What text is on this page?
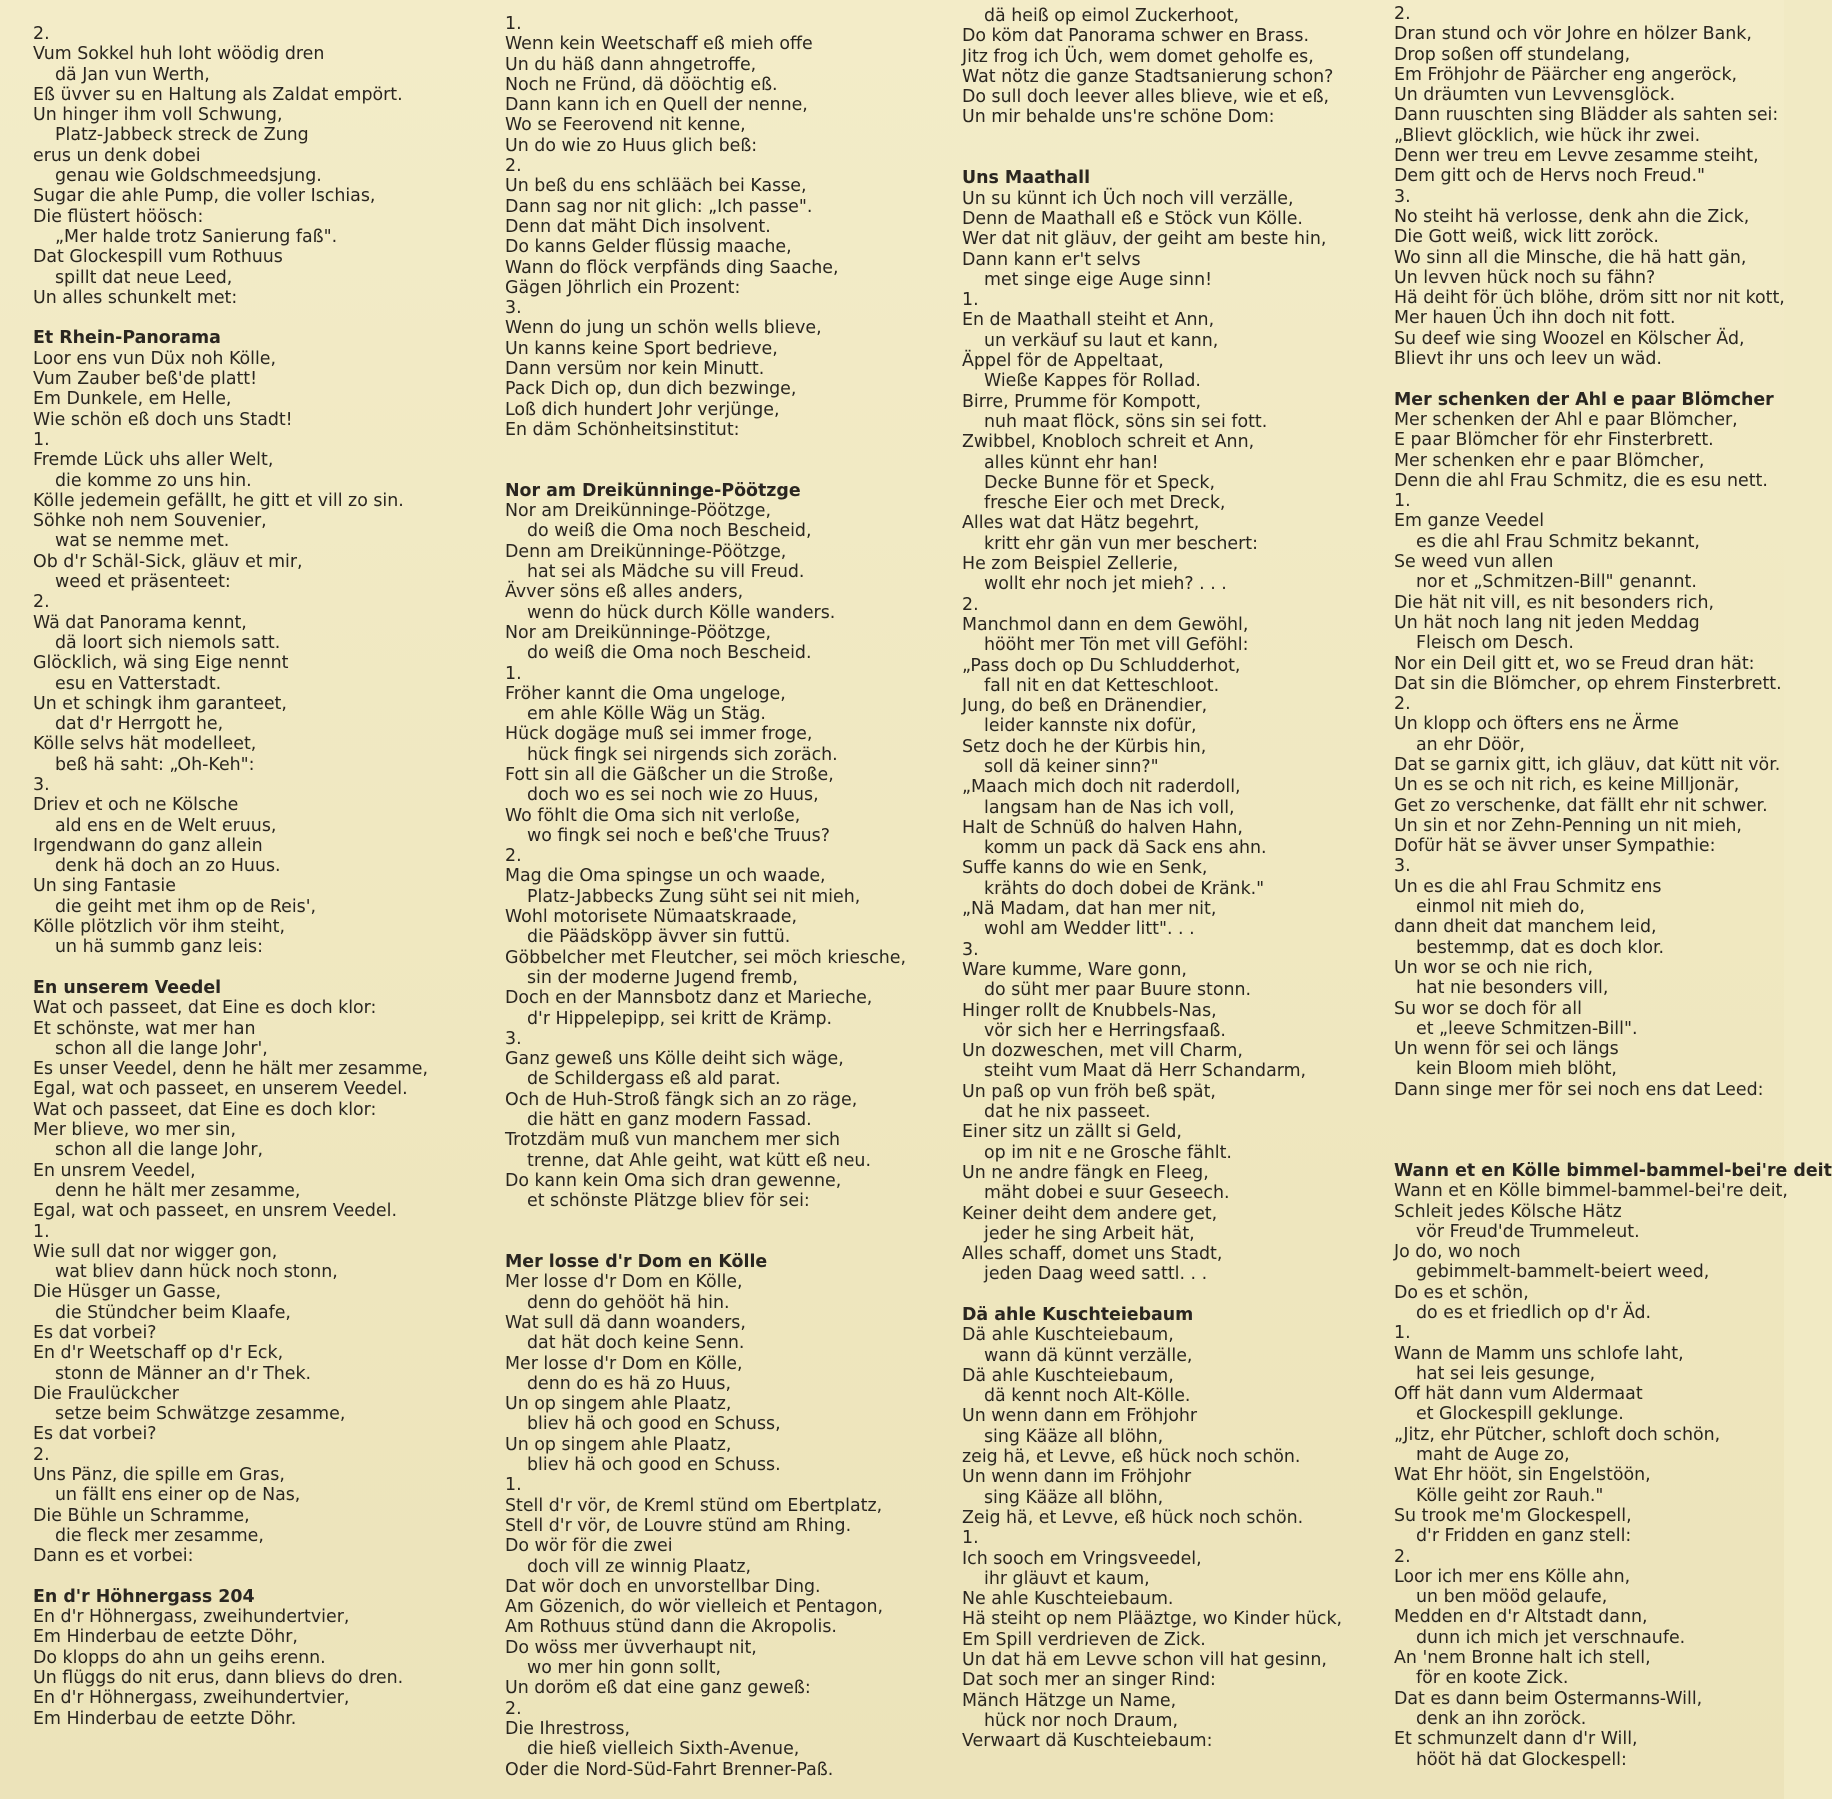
2.
Vum Sokkel huh loht wöödig dren
dä Jan vun Werth,
Eß üvver su en Haltung als Zaldat empört.
Un hinger ihm voll Schwung,
Platz-Jabbeck streck de Zung
erus un denk dobei
genau wie Goldschmeedsjung.
Sugar die ahle Pump, die voller Ischias,
Die flüstert höösch:
„Mer halde trotz Sanierung faß".
Dat Glockespill vum Rothuus
spillt dat neue Leed,
Un alles schunkelt met:

Et Rhein-Panorama
Loor ens vun Düx noh Kölle,
Vum Zauber beß'de platt!
Em Dunkele, em Helle,
Wie schön eß doch uns Stadt!
1.
Fremde Lück uhs aller Welt,
die komme zo uns hin.
Kölle jedemein gefällt, he gitt et vill zo sin.
Söhke noh nem Souvenier,
wat se nemme met.
Ob d'r Schäl-Sick, gläuv et mir,
weed et präsenteet:
2.
Wä dat Panorama kennt,
dä loort sich niemols satt.
Glöcklich, wä sing Eige nennt
esu en Vatterstadt.
Un et schingk ihm garanteet,
dat d'r Herrgott he,
Kölle selvs hät modelleet,
beß hä saht: „Oh-Keh":
3.
Driev et och ne Kölsche
ald ens en de Welt eruus,
Irgendwann do ganz allein
denk hä doch an zo Huus.
Un sing Fantasie
die geiht met ihm op de Reis',
Kölle plötzlich vör ihm steiht,
un hä summb ganz leis:

En unserem Veedel
Wat och passeet, dat Eine es doch klor:
Et schönste, wat mer han
schon all die lange Johr',
Es unser Veedel, denn he hält mer zesamme,
Egal, wat och passeet, en unserem Veedel.
Wat och passeet, dat Eine es doch klor:
Mer blieve, wo mer sin,
schon all die lange Johr,
En unsrem Veedel,
denn he hält mer zesamme,
Egal, wat och passeet, en unsrem Veedel.
1.
Wie sull dat nor wigger gon,
wat bliev dann hück noch stonn,
Die Hüsger un Gasse,
die Stündcher beim Klaafe,
Es dat vorbei?
En d'r Weetschaff op d'r Eck,
stonn de Männer an d'r Thek.
Die Fraulückcher
setze beim Schwätzge zesamme,
Es dat vorbei?
2.
Uns Pänz, die spille em Gras,
un fällt ens einer op de Nas,
Die Bühle un Schramme,
die fleck mer zesamme,
Dann es et vorbei:

En d'r Höhnergass 204
En d'r Höhnergass, zweihundertvier,
Em Hinderbau de eetzte Döhr,
Do klopps do ahn un geihs erenn.
Un flüggs do nit erus, dann blievs do dren.
En d'r Höhnergass, zweihundertvier,
Em Hinderbau de eetzte Döhr.
1.
Wenn kein Weetschaff eß mieh offe
Un du häß dann ahngetroffe,
Noch ne Fründ, dä dööchtig eß.
Dann kann ich en Quell der nenne,
Wo se Feerovend nit kenne,
Un do wie zo Huus glich beß:
2.
Un beß du ens schlääch bei Kasse,
Dann sag nor nit glich: „Ich passe".
Denn dat mäht Dich insolvent.
Do kanns Gelder flüssig maache,
Wann do flöck verpfänds ding Saache,
Gägen Jöhrlich ein Prozent:
3.
Wenn do jung un schön wells blieve,
Un kanns keine Sport bedrieve,
Dann versüm nor kein Minutt.
Pack Dich op, dun dich bezwinge,
Loß dich hundert Johr verjünge,
En däm Schönheitsinstitut:

Nor am Dreikünninge-Pöötzge
Nor am Dreikünninge-Pöötzge,
do weiß die Oma noch Bescheid,
Denn am Dreikünninge-Pöötzge,
hat sei als Mädche su vill Freud.
Ävver söns eß alles anders,
wenn do hück durch Kölle wanders.
Nor am Dreikünninge-Pöötzge,
do weiß die Oma noch Bescheid.
1.
Fröher kannt die Oma ungeloge,
em ahle Kölle Wäg un Stäg.
Hück dogäge muß sei immer froge,
hück fingk sei nirgends sich zoräch.
Fott sin all die Gäßcher un die Stroße,
doch wo es sei noch wie zo Huus,
Wo föhlt die Oma sich nit verloße,
wo fingk sei noch e beß'che Truus?
2.
Mag die Oma spingse un och waade,
Platz-Jabbecks Zung süht sei nit mieh,
Wohl motorisete Nümaatskraade,
die Päädsköpp ävver sin futtü.
Göbbelcher met Fleutcher, sei möch kriesche,
sin der moderne Jugend fremb,
Doch en der Mannsbotz danz et Marieche,
d'r Hippelepipp, sei kritt de Krämp.
3.
Ganz geweß uns Kölle deiht sich wäge,
de Schildergass eß ald parat.
Och de Huh-Stroß fängk sich an zo räge,
die hätt en ganz modern Fassad.
Trotzdäm muß vun manchem mer sich
trenne, dat Ahle geiht, wat kütt eß neu.
Do kann kein Oma sich dran gewenne,
et schönste Plätzge bliev för sei:

Mer losse d'r Dom en Kölle
Mer losse d'r Dom en Kölle,
denn do gehööt hä hin.
Wat sull dä dann woanders,
dat hät doch keine Senn.
Mer losse d'r Dom en Kölle,
denn do es hä zo Huus,
Un op singem ahle Plaatz,
bliev hä och good en Schuss,
Un op singem ahle Plaatz,
bliev hä och good en Schuss.
1.
Stell d'r vör, de Kreml stünd om Ebertplatz,
Stell d'r vör, de Louvre stünd am Rhing.
Do wör för die zwei
doch vill ze winnig Plaatz,
Dat wör doch en unvorstellbar Ding.
Am Gözenich, do wör vielleich et Pentagon,
Am Rothuus stünd dann die Akropolis.
Do wöss mer üvverhaupt nit,
wo mer hin gonn sollt,
Un doröm eß dat eine ganz geweß:
2.
Die Ihrestross,
die hieß vielleich Sixth-Avenue,
Oder die Nord-Süd-Fahrt Brenner-Paß.
dä heiß op eimol Zuckerhoot,
Do köm dat Panorama schwer en Brass.
Jitz frog ich Üch, wem domet geholfe es,
Wat nötz die ganze Stadtsanierung schon?
Do sull doch leever alles blieve, wie et eß,
Un mir behalde uns're schöne Dom:

Uns Maathall
Un su künnt ich Üch noch vill verzälle,
Denn de Maathall eß e Stöck vun Kölle.
Wer dat nit gläuv, der geiht am beste hin,
Dann kann er't selvs
met singe eige Auge sinn!
1.
En de Maathall steiht et Ann,
un verkäuf su laut et kann,
Äppel för de Appeltaat,
Wieße Kappes för Rollad.
Birre, Prumme för Kompott,
nuh maat flöck, söns sin sei fott.
Zwibbel, Knobloch schreit et Ann,
alles künnt ehr han!
Decke Bunne för et Speck,
fresche Eier och met Dreck,
Alles wat dat Hätz begehrt,
kritt ehr gän vun mer beschert:
He zom Beispiel Zellerie,
wollt ehr noch jet mieh? . . .
2.
Manchmol dann en dem Gewöhl,
hööht mer Tön met vill Geföhl:
„Pass doch op Du Schludderhot,
fall nit en dat Ketteschloot.
Jung, do beß en Dränendier,
leider kannste nix dofür,
Setz doch he der Kürbis hin,
soll dä keiner sinn?"
„Maach mich doch nit raderdoll,
langsam han de Nas ich voll,
Halt de Schnüß do halven Hahn,
komm un pack dä Sack ens ahn.
Suffe kanns do wie en Senk,
krähts do doch dobei de Kränk."
„Nä Madam, dat han mer nit,
wohl am Wedder litt". . .
3.
Ware kumme, Ware gonn,
do süht mer paar Buure stonn.
Hinger rollt de Knubbels-Nas,
vör sich her e Herringsfaaß.
Un dozweschen, met vill Charm,
steiht vum Maat dä Herr Schandarm,
Un paß op vun fröh beß spät,
dat he nix passeet.
Einer sitz un zällt si Geld,
op im nit e ne Grosche fählt.
Un ne andre fängk en Fleeg,
mäht dobei e suur Geseech.
Keiner deiht dem andere get,
jeder he sing Arbeit hät,
Alles schaff, domet uns Stadt,
jeden Daag weed sattl. . .

Dä ahle Kuschteiebaum
Dä ahle Kuschteiebaum,
wann dä künnt verzälle,
Dä ahle Kuschteiebaum,
dä kennt noch Alt-Kölle.
Un wenn dann em Fröhjohr
sing Kääze all blöhn,
zeig hä, et Levve, eß hück noch schön.
Un wenn dann im Fröhjohr
sing Kääze all blöhn,
Zeig hä, et Levve, eß hück noch schön.
1.
Ich sooch em Vringsveedel,
ihr gläuvt et kaum,
Ne ahle Kuschteiebaum.
Hä steiht op nem Plääztge, wo Kinder hück,
Em Spill verdrieven de Zick.
Un dat hä em Levve schon vill hat gesinn,
Dat soch mer an singer Rind:
Mänch Hätzge un Name,
hück nor noch Draum,
Verwaart dä Kuschteiebaum:
2.
Dran stund och vör Johre en hölzer Bank,
Drop soßen off stundelang,
Em Fröhjohr de Päärcher eng angeröck,
Un dräumten vun Levvensglöck.
Dann ruuschten sing Blädder als sahten sei:
„Blievt glöcklich, wie hück ihr zwei.
Denn wer treu em Levve zesamme steiht,
Dem gitt och de Hervs noch Freud."
3.
No steiht hä verlosse, denk ahn die Zick,
Die Gott weiß, wick litt zoröck.
Wo sinn all die Minsche, die hä hatt gän,
Un levven hück noch su fähn?
Hä deiht för üch blöhe, dröm sitt nor nit kott,
Mer hauen Üch ihn doch nit fott.
Su deef wie sing Woozel en Kölscher Äd,
Blievt ihr uns och leev un wäd.

Mer schenken der Ahl e paar Blömcher
Mer schenken der Ahl e paar Blömcher,
E paar Blömcher för ehr Finsterbrett.
Mer schenken ehr e paar Blömcher,
Denn die ahl Frau Schmitz, die es esu nett.
1.
Em ganze Veedel
es die ahl Frau Schmitz bekannt,
Se weed vun allen
nor et „Schmitzen-Bill" genannt.
Die hät nit vill, es nit besonders rich,
Un hät noch lang nit jeden Meddag
Fleisch om Desch.
Nor ein Deil gitt et, wo se Freud dran hät:
Dat sin die Blömcher, op ehrem Finsterbrett.
2.
Un klopp och öfters ens ne Ärme
an ehr Döör,
Dat se garnix gitt, ich gläuv, dat kütt nit vör.
Un es se och nit rich, es keine Milljonär,
Get zo verschenke, dat fällt ehr nit schwer.
Un sin et nor Zehn-Penning un nit mieh,
Dofür hät se ävver unser Sympathie:
3.
Un es die ahl Frau Schmitz ens
einmol nit mieh do,
dann dheit dat manchem leid,
bestemmp, dat es doch klor.
Un wor se och nie rich,
hat nie besonders vill,
Su wor se doch för all
et „leeve Schmitzen-Bill".
Un wenn för sei och längs
kein Bloom mieh blöht,
Dann singe mer för sei noch ens dat Leed:

Wann et en Kölle bimmel-bammel-bei're deit
Wann et en Kölle bimmel-bammel-bei're deit,
Schleit jedes Kölsche Hätz
vör Freud'de Trummeleut.
Jo do, wo noch
gebimmelt-bammelt-beiert weed,
Do es et schön,
do es et friedlich op d'r Äd.
1.
Wann de Mamm uns schlofe laht,
hat sei leis gesunge,
Off hät dann vum Aldermaat
et Glockespill geklunge.
„Jitz, ehr Pütcher, schloft doch schön,
maht de Auge zo,
Wat Ehr hööt, sin Engelstöön,
Kölle geiht zor Rauh."
Su trook me'm Glockespell,
d'r Fridden en ganz stell:
2.
Loor ich mer ens Kölle ahn,
un ben mööd gelaufe,
Medden en d'r Altstadt dann,
dunn ich mich jet verschnaufe.
An 'nem Bronne halt ich stell,
för en koote Zick.
Dat es dann beim Ostermanns-Will,
denk an ihn zoröck.
Et schmunzelt dann d'r Will,
hööt hä dat Glockespell:
